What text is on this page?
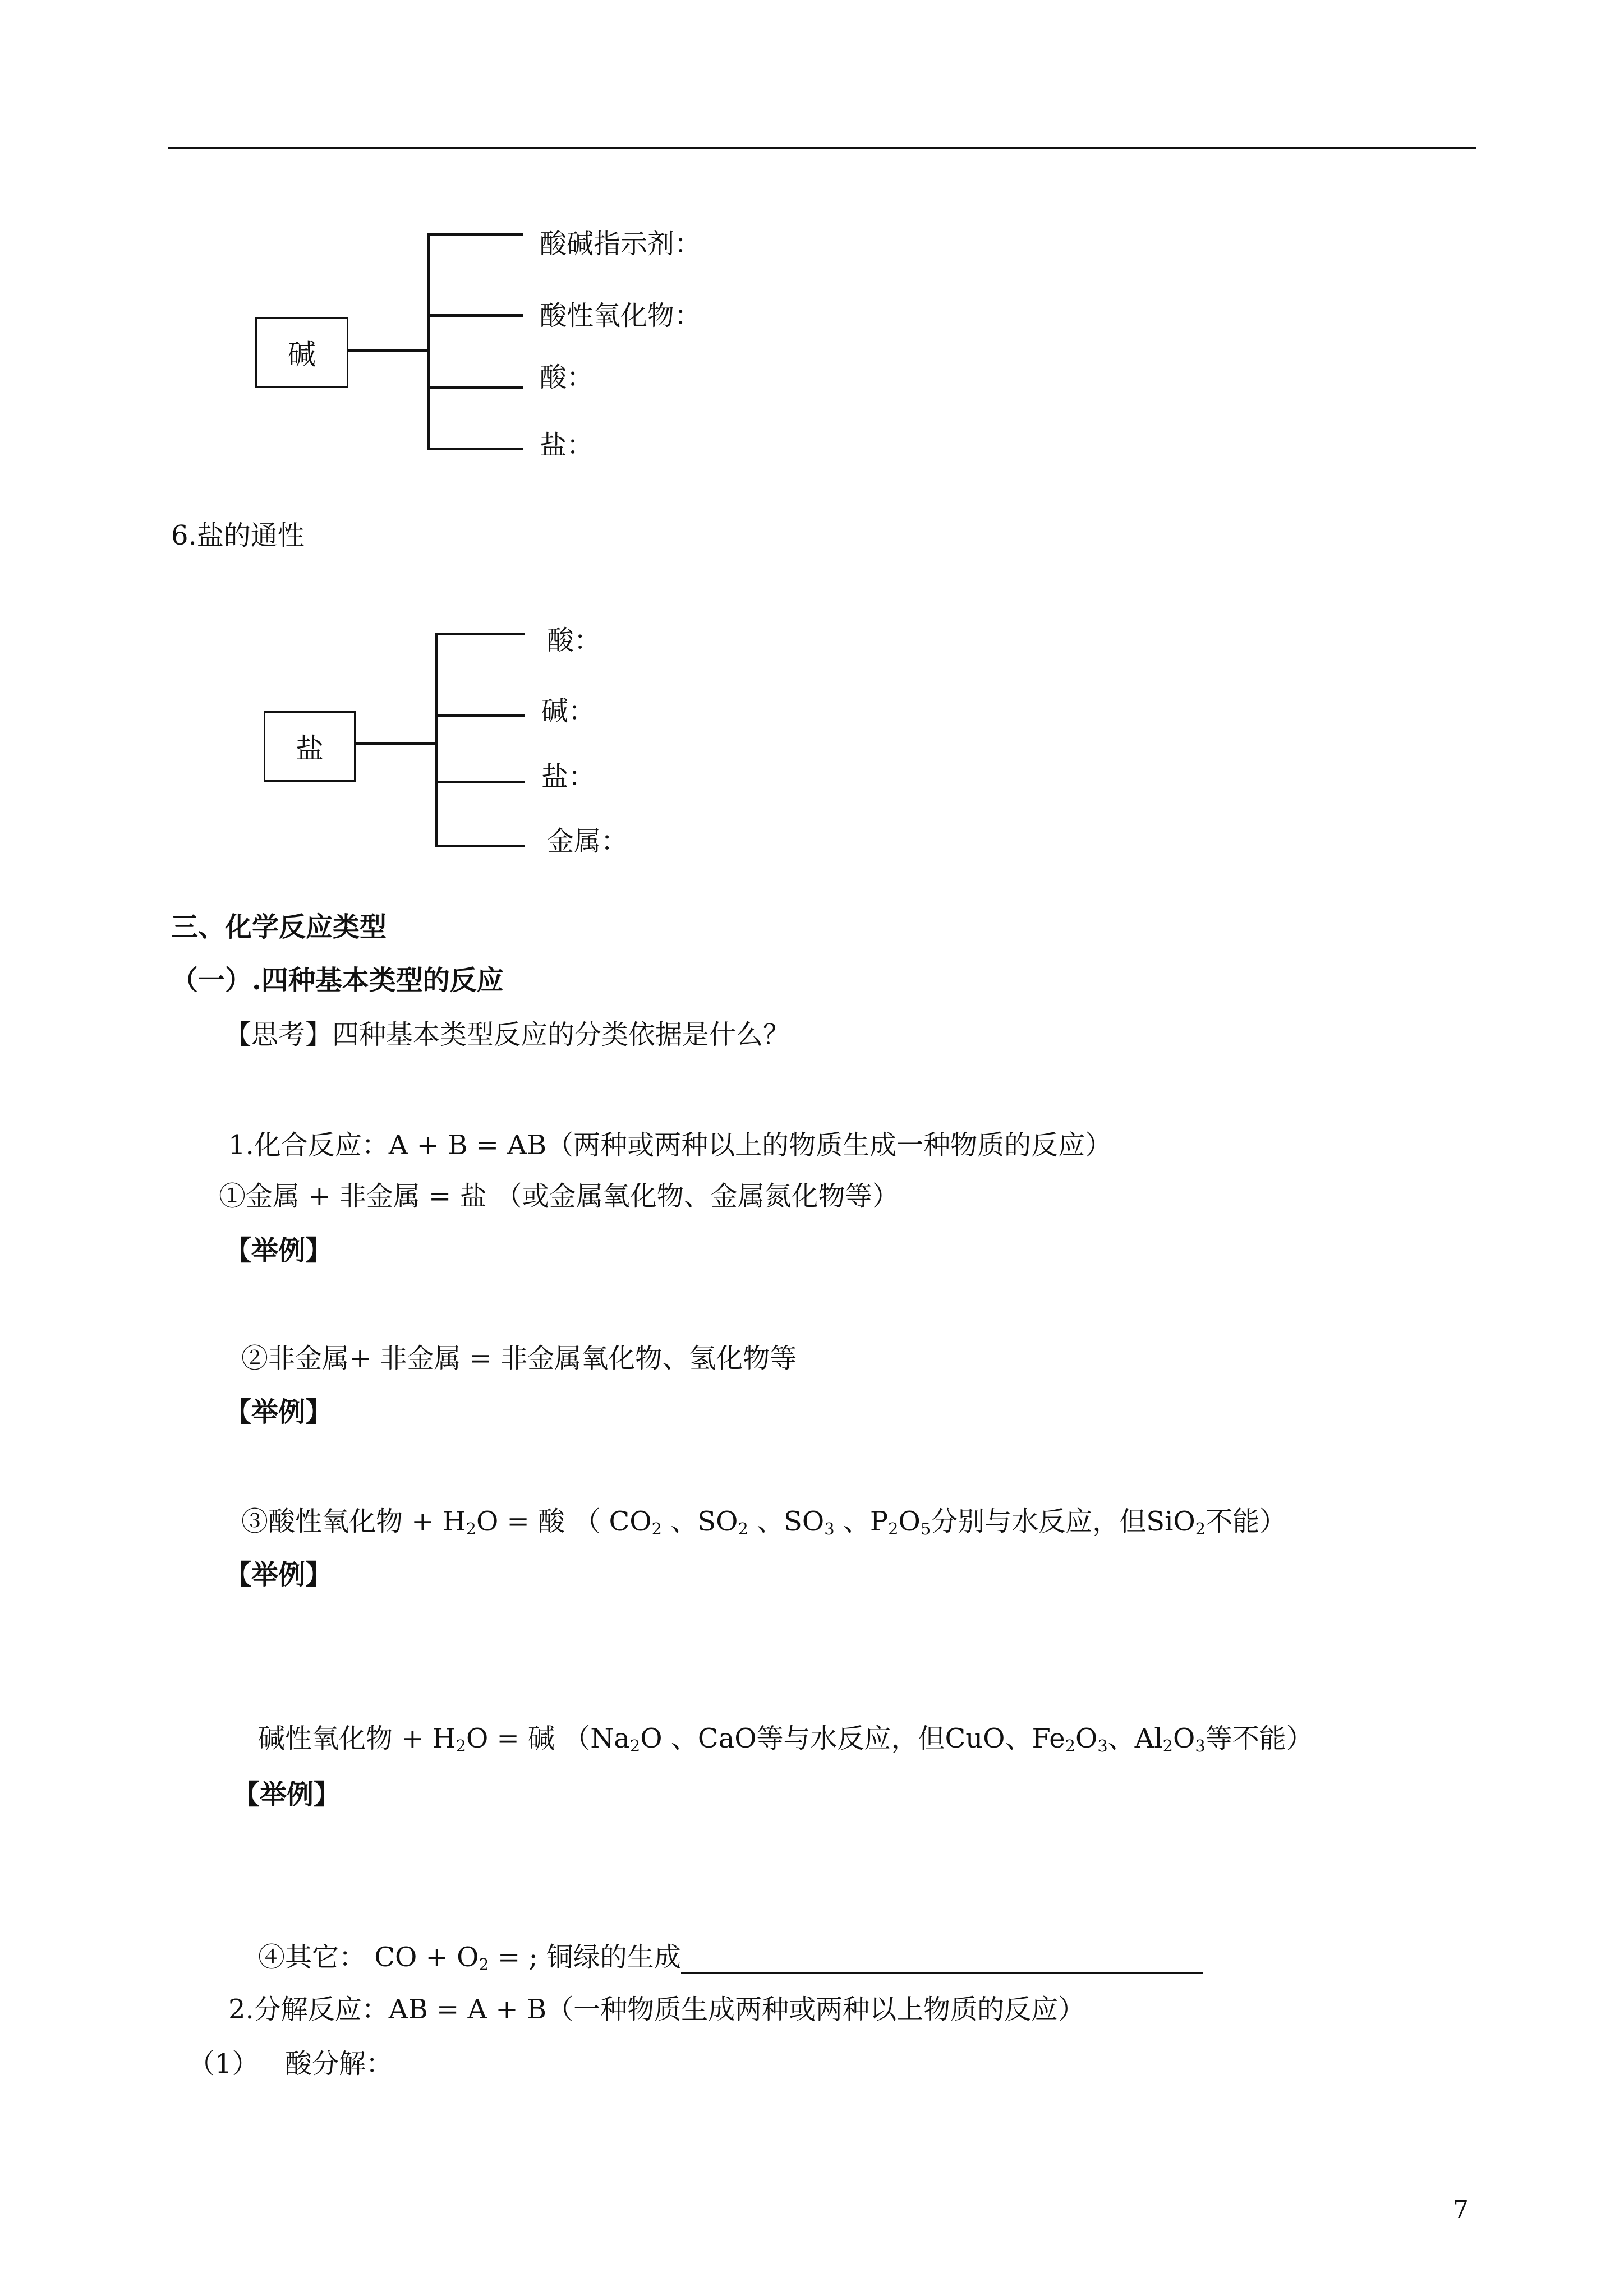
碱
酸碱指示剂：
酸性氧化物：
酸：
盐：
6.盐的通性
盐
酸：
碱：
盐：
金属：
三、化学反应类型
（一）.四种基本类型的反应
【思考】四种基本类型反应的分类依据是什么？
1.化合反应：A + B = AB（两种或两种以上的物质生成一种物质的反应）
①金属 + 非金属 = 盐 （或金属氧化物、金属氮化物等）
【举例】
②非金属+ 非金属 = 非金属氧化物、氢化物等
【举例】
③酸性氧化物 + $H_2O$ = 酸 （ $CO_2$ 、$SO_2$ 、$SO_3$ 、$P_2O_5$分别与水反应，但SiO$_2$不能）
【举例】
碱性氧化物 + $H_2O$ = 碱 （$Na_2O$ 、CaO等与水反应，但CuO、$Fe_2O_3$、$Al_2O_3$等不能）
【举例】
④其它： CO + $O_2$ = ; 铜绿的生成
2.分解反应：AB = A + B（一种物质生成两种或两种以上物质的反应）
（1） 酸分解：
7
